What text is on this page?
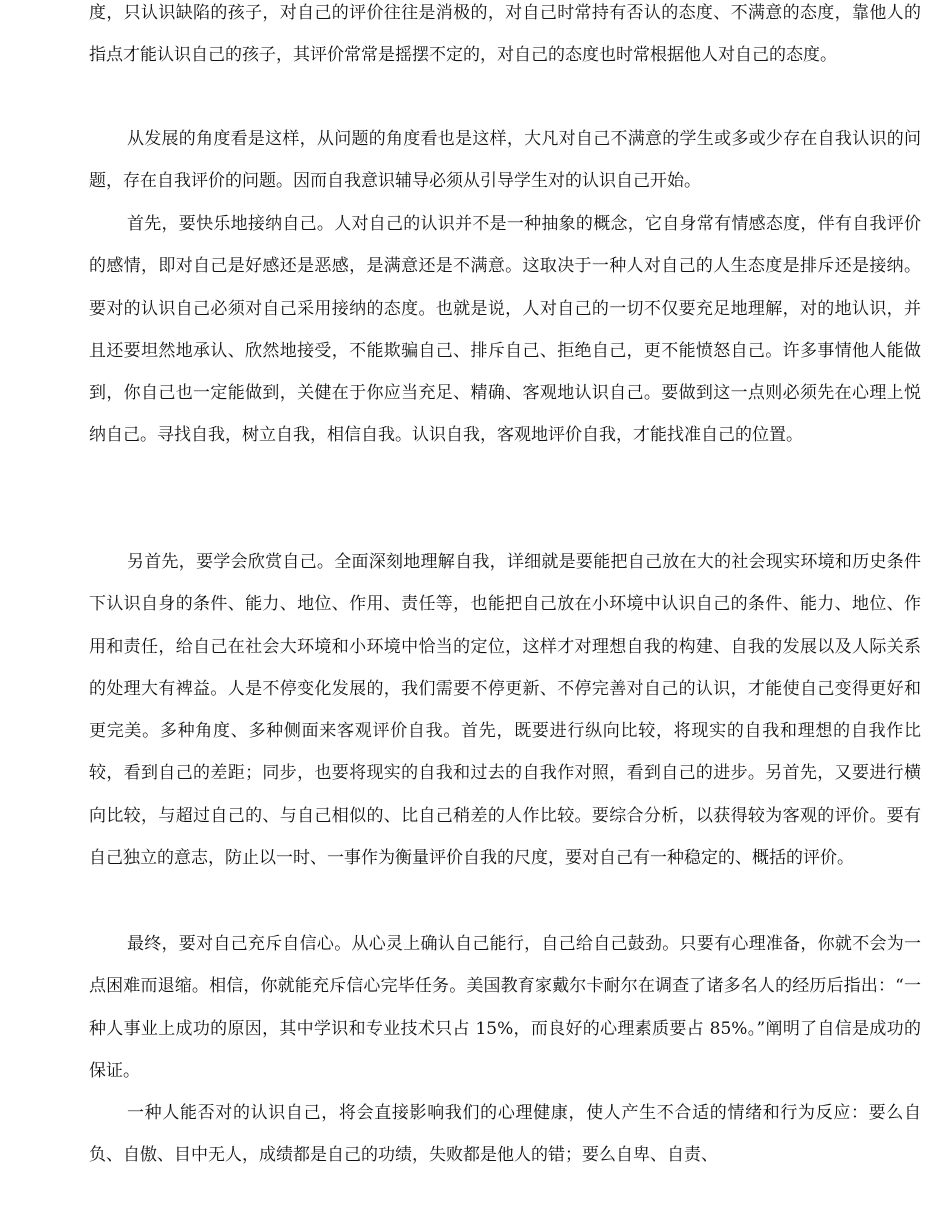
度，只认识缺陷的孩子，对自己的评价往往是消极的，对自己时常持有否认的态度、不满意的态度，靠他人的指点才能认识自己的孩子，其评价常常是摇摆不定的，对自己的态度也时常根据他人对自己的态度。

从发展的角度看是这样，从问题的角度看也是这样，大凡对自己不满意的学生或多或少存在自我认识的问题，存在自我评价的问题。因而自我意识辅导必须从引导学生对的认识自己开始。

首先，要快乐地接纳自己。人对自己的认识并不是一种抽象的概念，它自身常有情感态度，伴有自我评价的感情，即对自己是好感还是恶感，是满意还是不满意。这取决于一种人对自己的人生态度是排斥还是接纳。要对的认识自己必须对自己采用接纳的态度。也就是说，人对自己的一切不仅要充足地理解，对的地认识，并且还要坦然地承认、欣然地接受，不能欺骗自己、排斥自己、拒绝自己，更不能愤怒自己。许多事情他人能做到，你自己也一定能做到，关健在于你应当充足、精确、客观地认识自己。要做到这一点则必须先在心理上悦纳自己。寻找自我，树立自我，相信自我。认识自我，客观地评价自我，才能找准自己的位置。

另首先，要学会欣赏自己。全面深刻地理解自我，详细就是要能把自己放在大的社会现实环境和历史条件下认识自身的条件、能力、地位、作用、责任等，也能把自己放在小环境中认识自己的条件、能力、地位、作用和责任，给自己在社会大环境和小环境中恰当的定位，这样才对理想自我的构建、自我的发展以及人际关系的处理大有裨益。人是不停变化发展的，我们需要不停更新、不停完善对自己的认识，才能使自己变得更好和更完美。多种角度、多种侧面来客观评价自我。首先，既要进行纵向比较，将现实的自我和理想的自我作比较，看到自己的差距；同步，也要将现实的自我和过去的自我作对照，看到自己的进步。另首先，又要进行横向比较，与超过自己的、与自己相似的、比自己稍差的人作比较。要综合分析，以获得较为客观的评价。要有自己独立的意志，防止以一时、一事作为衡量评价自我的尺度，要对自己有一种稳定的、概括的评价。

最终，要对自己充斥自信心。从心灵上确认自己能行，自己给自己鼓劲。只要有心理准备，你就不会为一点困难而退缩。相信，你就能充斥信心完毕任务。美国教育家戴尔卡耐尔在调查了诸多名人的经历后指出：“一种人事业上成功的原因，其中学识和专业技术只占 15%，而良好的心理素质要占 85%。”阐明了自信是成功的保证。

一种人能否对的认识自己，将会直接影响我们的心理健康，使人产生不合适的情绪和行为反应：要么自负、自傲、目中无人，成绩都是自己的功绩，失败都是他人的错；要么自卑、自责、
